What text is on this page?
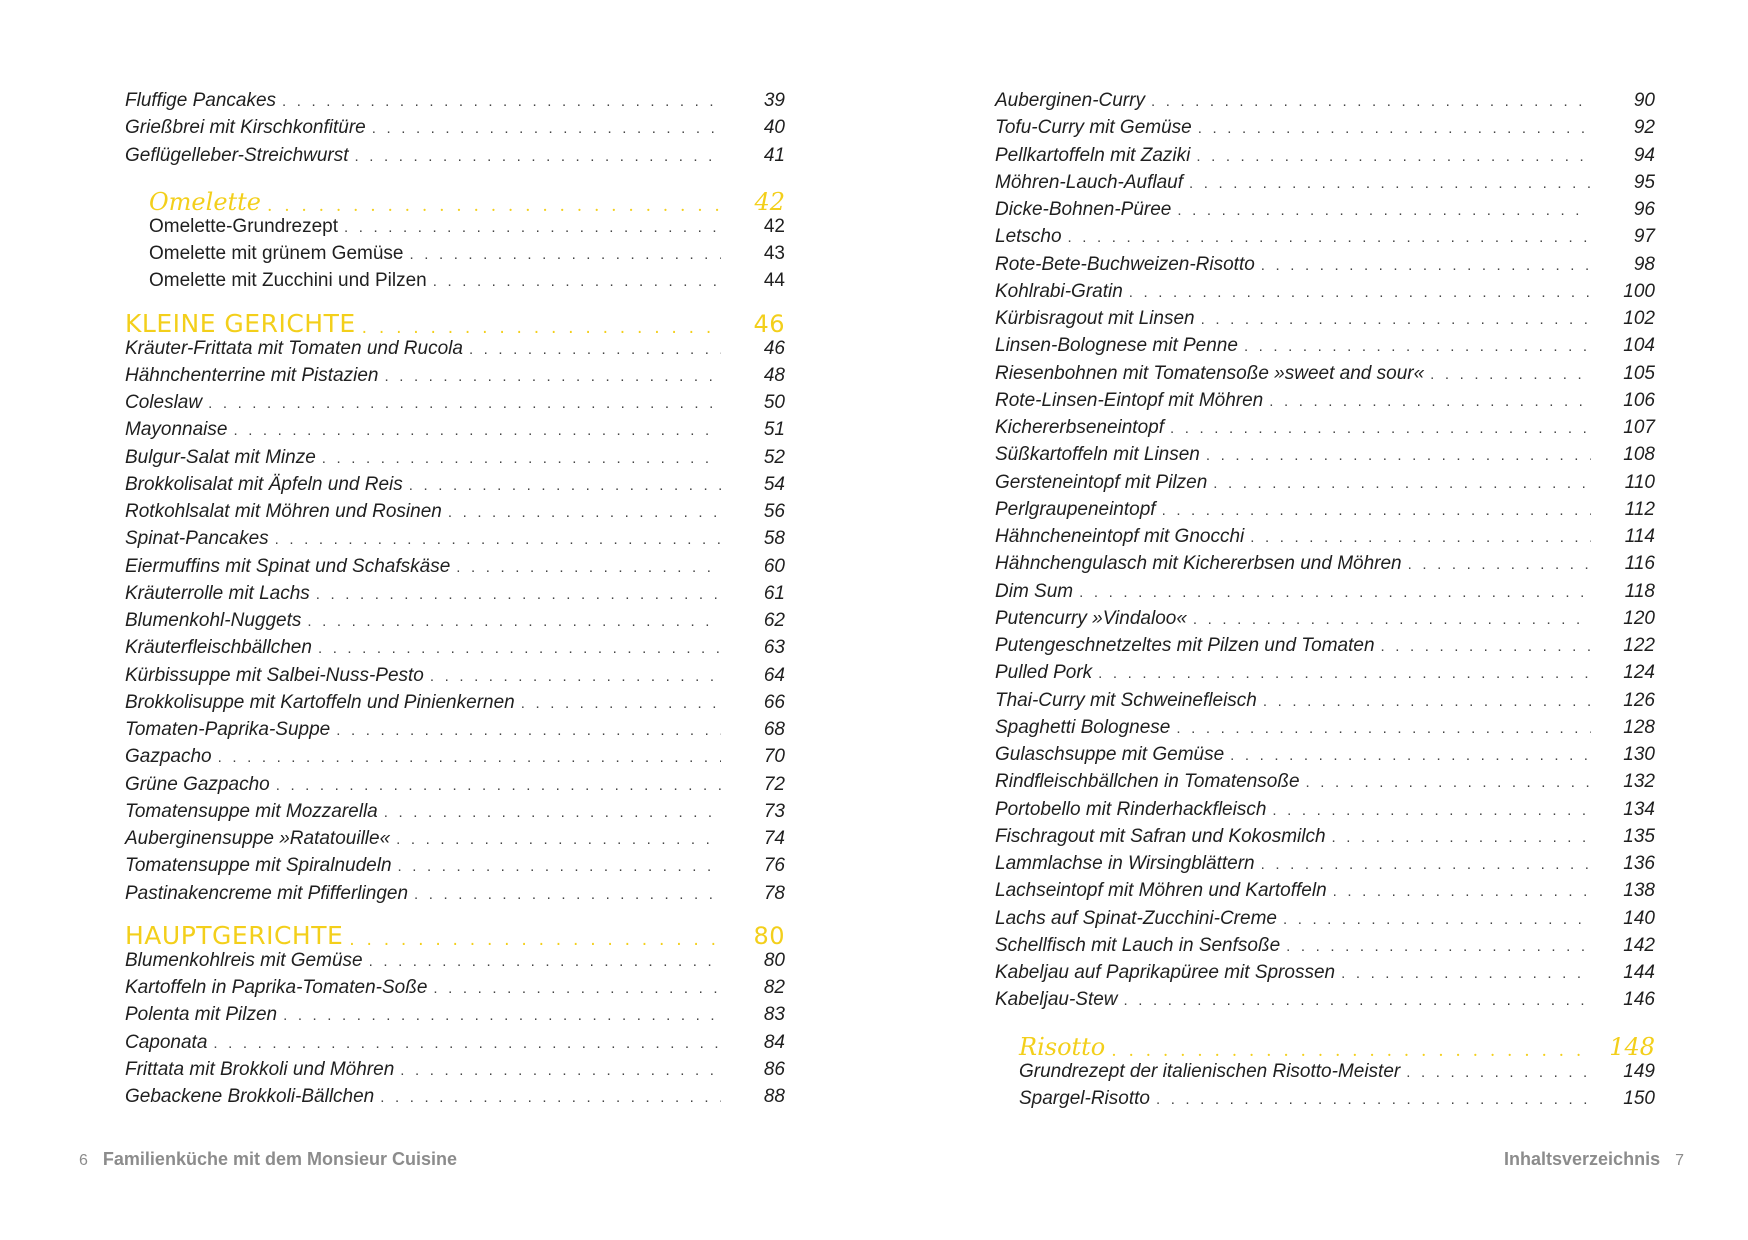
Fluffige Pancakes . . .	39
Grießbrei mit Kirschkonfitüre . . .	40
Geflügelleber-Streichwurst . . .	41
Omelette . . .	42
Omelette-Grundrezept . . .	42
Omelette mit grünem Gemüse . . .	43
Omelette mit Zucchini und Pilzen . . .	44
KLEINE GERICHTE . . .	46
Kräuter-Frittata mit Tomaten und Rucola . . .	46
Hähnchenterrine mit Pistazien . . .	48
Coleslaw . . .	50
Mayonnaise . . .	51
Bulgur-Salat mit Minze . . .	52
Brokkolisalat mit Äpfeln und Reis . . .	54
Rotkohlsalat mit Möhren und Rosinen . . .	56
Spinat-Pancakes . . .	58
Eiermuffins mit Spinat und Schafskäse . . .	60
Kräuterrolle mit Lachs . . .	61
Blumenkohl-Nuggets . . .	62
Kräuterfleischbällchen . . .	63
Kürbissuppe mit Salbei-Nuss-Pesto . . .	64
Brokkolisuppe mit Kartoffeln und Pinienkernen . . .	66
Tomaten-Paprika-Suppe . . .	68
Gazpacho . . .	70
Grüne Gazpacho . . .	72
Tomatensuppe mit Mozzarella . . .	73
Auberginensuppe »Ratatouille« . . .	74
Tomatensuppe mit Spiralnudeln . . .	76
Pastinakencreme mit Pfifferlingen . . .	78
HAUPTGERICHTE . . .	80
Blumenkohlreis mit Gemüse . . .	80
Kartoffeln in Paprika-Tomaten-Soße . . .	82
Polenta mit Pilzen . . .	83
Caponata . . .	84
Frittata mit Brokkoli und Möhren . . .	86
Gebackene Brokkoli-Bällchen . . .	88
Auberginen-Curry . . .	90
Tofu-Curry mit Gemüse . . .	92
Pellkartoffeln mit Zaziki . . .	94
Möhren-Lauch-Auflauf . . .	95
Dicke-Bohnen-Püree . . .	96
Letscho . . .	97
Rote-Bete-Buchweizen-Risotto . . .	98
Kohlrabi-Gratin . . .	100
Kürbisragout mit Linsen . . .	102
Linsen-Bolognese mit Penne . . .	104
Riesenbohnen mit Tomatensoße »sweet and sour« . . .	105
Rote-Linsen-Eintopf mit Möhren . . .	106
Kichererbseneintopf . . .	107
Süßkartoffeln mit Linsen . . .	108
Gersteneintopf mit Pilzen . . .	110
Perlgraupeneintopf . . .	112
Hähncheneintopf mit Gnocchi . . .	114
Hähnchengulasch mit Kichererbsen und Möhren . . .	116
Dim Sum . . .	118
Putencurry »Vindaloo« . . .	120
Putengeschnetzeltes mit Pilzen und Tomaten . . .	122
Pulled Pork . . .	124
Thai-Curry mit Schweinefleisch . . .	126
Spaghetti Bolognese . . .	128
Gulaschsuppe mit Gemüse . . .	130
Rindfleischbällchen in Tomatensoße . . .	132
Portobello mit Rinderhackfleisch . . .	134
Fischragout mit Safran und Kokosmilch . . .	135
Lammlachse in Wirsingblättern . . .	136
Lachseintopf mit Möhren und Kartoffeln . . .	138
Lachs auf Spinat-Zucchini-Creme . . .	140
Schellfisch mit Lauch in Senfsoße . . .	142
Kabeljau auf Paprikapüree mit Sprossen . . .	144
Kabeljau-Stew . . .	146
Risotto . . .	148
Grundrezept der italienischen Risotto-Meister . . .	149
Spargel-Risotto . . .	150
6 Familienküche mit dem Monsieur Cuisine	Inhaltsverzeichnis 7
